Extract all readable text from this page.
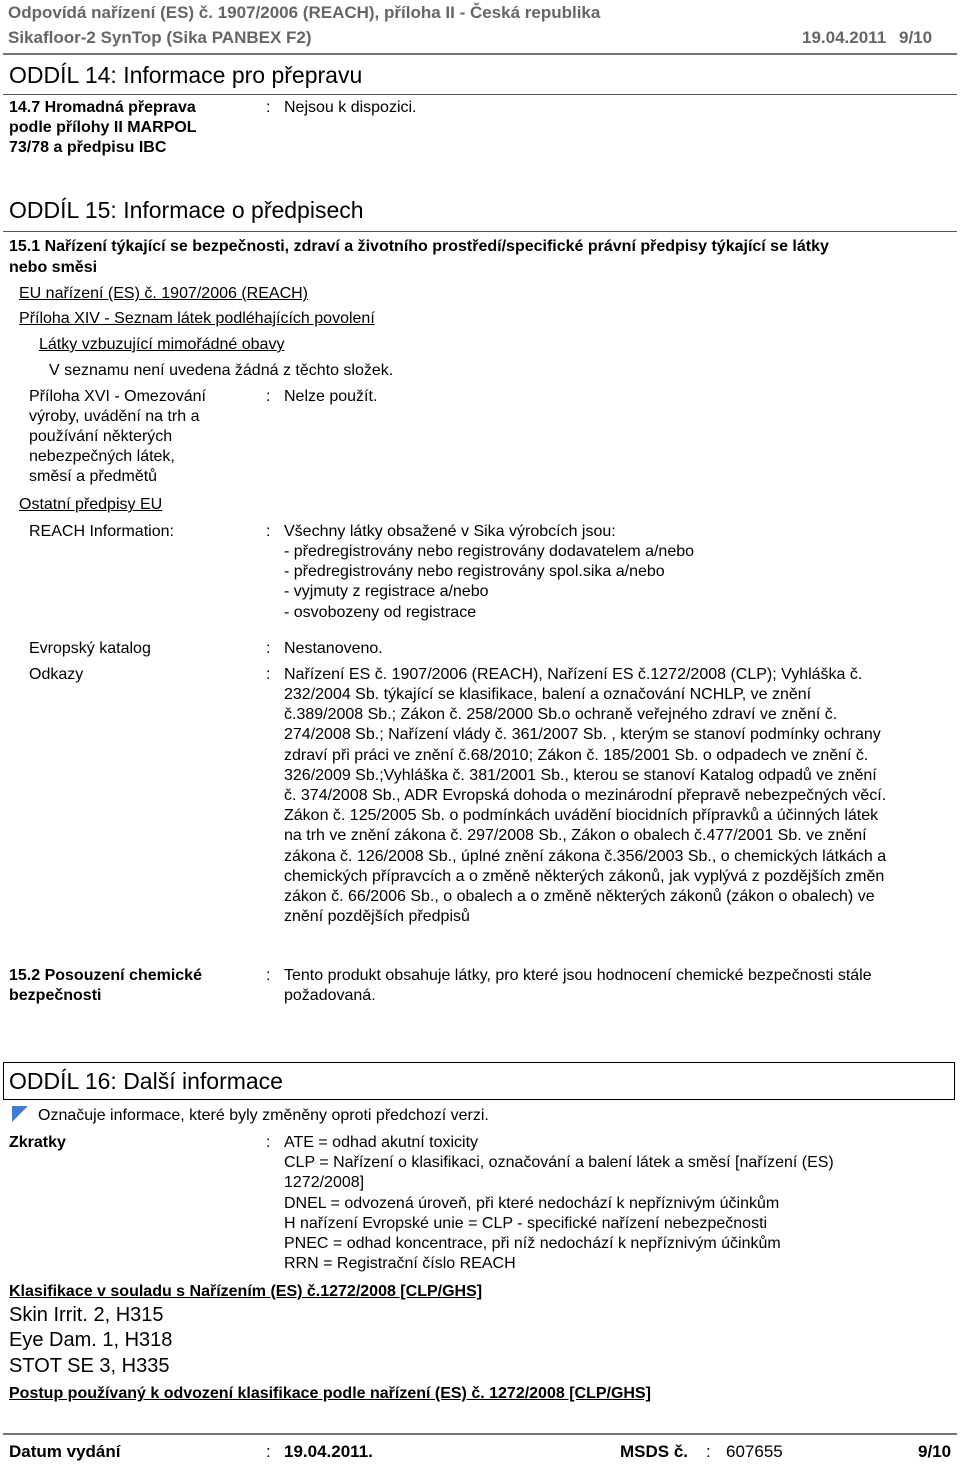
Odpovídá nařízení (ES) č. 1907/2006 (REACH), příloha II - Česká republika
Sikafloor-2 SynTop (Sika PANBEX F2)	19.04.2011 9/10
ODDÍL 14: Informace pro přepravu
14.7 Hromadná přeprava
podle přílohy II MARPOL
73/78 a předpisu IBC
: Nejsou k dispozici.
ODDÍL 15: Informace o předpisech
15.1 Nařízení týkající se bezpečnosti, zdraví a životního prostředí/specifické právní předpisy týkající se látky
nebo směsi
EU nařízení (ES) č. 1907/2006 (REACH)
Příloha XIV - Seznam látek podléhajících povolení
Látky vzbuzující mimořádné obavy
V seznamu není uvedena žádná z těchto složek.
Příloha XVI - Omezování
výroby, uvádění na trh a
používání některých
nebezpečných látek,
směsí a předmětů
: Nelze použít.
Ostatní předpisy EU
REACH Information:	: Všechny látky obsažené v Sika výrobcích jsou:
- předregistrovány nebo registrovány dodavatelem a/nebo
- předregistrovány nebo registrovány spol.sika a/nebo
- vyjmuty z registrace a/nebo
- osvobozeny od registrace
Evropský katalog	: Nestanoveno.
Odkazy	: Nařízení ES č. 1907/2006 (REACH), Nařízení ES č.1272/2008 (CLP); Vyhláška č.
232/2004 Sb. týkající se klasifikace, balení a označování NCHLP, ve znění
č.389/2008 Sb.; Zákon č. 258/2000 Sb.o ochraně veřejného zdraví ve znění č.
274/2008 Sb.; Nařízení vlády č. 361/2007 Sb. , kterým se stanoví podmínky ochrany
zdraví při práci ve znění č.68/2010; Zákon č. 185/2001 Sb. o odpadech ve znění č.
326/2009 Sb.;Vyhláška č. 381/2001 Sb., kterou se stanoví Katalog odpadů ve znění
č. 374/2008 Sb., ADR Evropská dohoda o mezinárodní přepravě nebezpečných věcí.
Zákon č. 125/2005 Sb. o podmínkách uvádění biocidních přípravků a účinných látek
na trh ve znění zákona č. 297/2008 Sb., Zákon o obalech č.477/2001 Sb. ve znění
zákona č. 126/2008 Sb., úplné znění zákona č.356/2003 Sb., o chemických látkách a
chemických přípravcích a o změně některých zákonů, jak vyplývá z pozdějších změn
zákon č. 66/2006 Sb., o obalech a o změně některých zákonů (zákon o obalech) ve
znění pozdějších předpisů
15.2 Posouzení chemické
bezpečnosti
: Tento produkt obsahuje látky, pro které jsou hodnocení chemické bezpečnosti stále
požadovaná.
ODDÍL 16: Další informace
Označuje informace, které byly změněny oproti předchozí verzi.
Zkratky	: ATE = odhad akutní toxicity
CLP = Nařízení o klasifikaci, označování a balení látek a směsí [nařízení (ES)
1272/2008]
DNEL = odvozená úroveň, při které nedochází k nepříznivým účinkům
H nařízení Evropské unie = CLP - specifické nařízení nebezpečnosti
PNEC = odhad koncentrace, při níž nedochází k nepříznivým účinkům
RRN = Registrační číslo REACH
Klasifikace v souladu s Nařízením (ES) č.1272/2008 [CLP/GHS]
Skin Irrit. 2, H315
Eye Dam. 1, H318
STOT SE 3, H335
Postup používaný k odvození klasifikace podle nařízení (ES) č. 1272/2008 [CLP/GHS]
Datum vydání	: 19.04.2011.	MSDS č. : 607655	9/10
